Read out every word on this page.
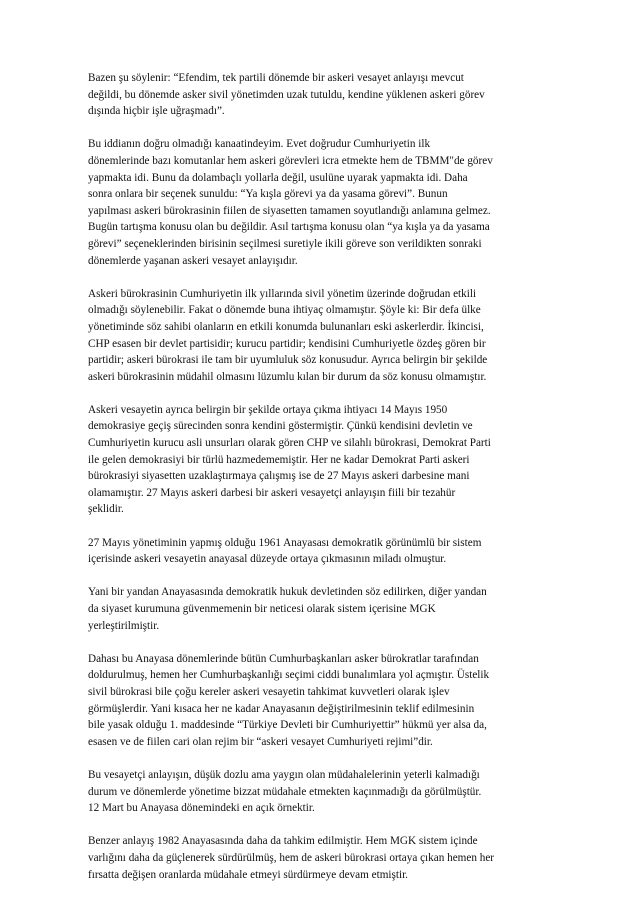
Bazen şu söylenir: “Efendim, tek partili dönemde bir askeri vesayet anlayışı mevcut
değildi, bu dönemde asker sivil yönetimden uzak tutuldu, kendine yüklenen askeri görev
dışında hiçbir işle uğraşmadı”.

Bu iddianın doğru olmadığı kanaatindeyim. Evet doğrudur Cumhuriyetin ilk
dönemlerinde bazı komutanlar hem askeri görevleri icra etmekte hem de TBMM"de görev
yapmakta idi. Bunu da dolambaçlı yollarla değil, usulüne uyarak yapmakta idi. Daha
sonra onlara bir seçenek sunuldu: “Ya kışla görevi ya da yasama görevi”. Bunun
yapılması askeri bürokrasinin fiilen de siyasetten tamamen soyutlandığı anlamına gelmez.
Bugün tartışma konusu olan bu değildir. Asıl tartışma konusu olan “ya kışla ya da yasama
görevi” seçeneklerinden birisinin seçilmesi suretiyle ikili göreve son verildikten sonraki
dönemlerde yaşanan askeri vesayet anlayışıdır.

Askeri bürokrasinin Cumhuriyetin ilk yıllarında sivil yönetim üzerinde doğrudan etkili
olmadığı söylenebilir. Fakat o dönemde buna ihtiyaç olmamıştır. Şöyle ki: Bir defa ülke
yönetiminde söz sahibi olanların en etkili konumda bulunanları eski askerlerdir. İkincisi,
CHP esasen bir devlet partisidir; kurucu partidir; kendisini Cumhuriyetle özdeş gören bir
partidir; askeri bürokrasi ile tam bir uyumluluk söz konusudur. Ayrıca belirgin bir şekilde
askeri bürokrasinin müdahil olmasını lüzumlu kılan bir durum da söz konusu olmamıştır.

Askeri vesayetin ayrıca belirgin bir şekilde ortaya çıkma ihtiyacı 14 Mayıs 1950
demokrasiye geçiş sürecinden sonra kendini göstermiştir. Çünkü kendisini devletin ve
Cumhuriyetin kurucu asli unsurları olarak gören CHP ve silahlı bürokrasi, Demokrat Parti
ile gelen demokrasiyi bir türlü hazmedememiştir. Her ne kadar Demokrat Parti askeri
bürokrasiyi siyasetten uzaklaştırmaya çalışmış ise de 27 Mayıs askeri darbesine mani
olamamıştır. 27 Mayıs askeri darbesi bir askeri vesayetçi anlayışın fiili bir tezahür
şeklidir.

27 Mayıs yönetiminin yapmış olduğu 1961 Anayasası demokratik görünümlü bir sistem
içerisinde askeri vesayetin anayasal düzeyde ortaya çıkmasının miladı olmuştur.

Yani bir yandan Anayasasında demokratik hukuk devletinden söz edilirken, diğer yandan
da siyaset kurumuna güvenmemenin bir neticesi olarak sistem içerisine MGK
yerleştirilmiştir.

Dahası bu Anayasa dönemlerinde bütün Cumhurbaşkanları asker bürokratlar tarafından
doldurulmuş, hemen her Cumhurbaşkanlığı seçimi ciddi bunalımlara yol açmıştır. Üstelik
sivil bürokrasi bile çoğu kereler askeri vesayetin tahkimat kuvvetleri olarak işlev
görmüşlerdir. Yani kısaca her ne kadar Anayasanın değiştirilmesinin teklif edilmesinin
bile yasak olduğu 1. maddesinde “Türkiye Devleti bir Cumhuriyettir” hükmü yer alsa da,
esasen ve de fiilen cari olan rejim bir “askeri vesayet Cumhuriyeti rejimi”dir.

Bu vesayetçi anlayışın, düşük dozlu ama yaygın olan müdahalelerinin yeterli kalmadığı
durum ve dönemlerde yönetime bizzat müdahale etmekten kaçınmadığı da görülmüştür.
12 Mart bu Anayasa dönemindeki en açık örnektir.

Benzer anlayış 1982 Anayasasında daha da tahkim edilmiştir. Hem MGK sistem içinde
varlığını daha da güçlenerek sürdürülmüş, hem de askeri bürokrasi ortaya çıkan hemen her
fırsatta değişen oranlarda müdahale etmeyi sürdürmeye devam etmiştir.
